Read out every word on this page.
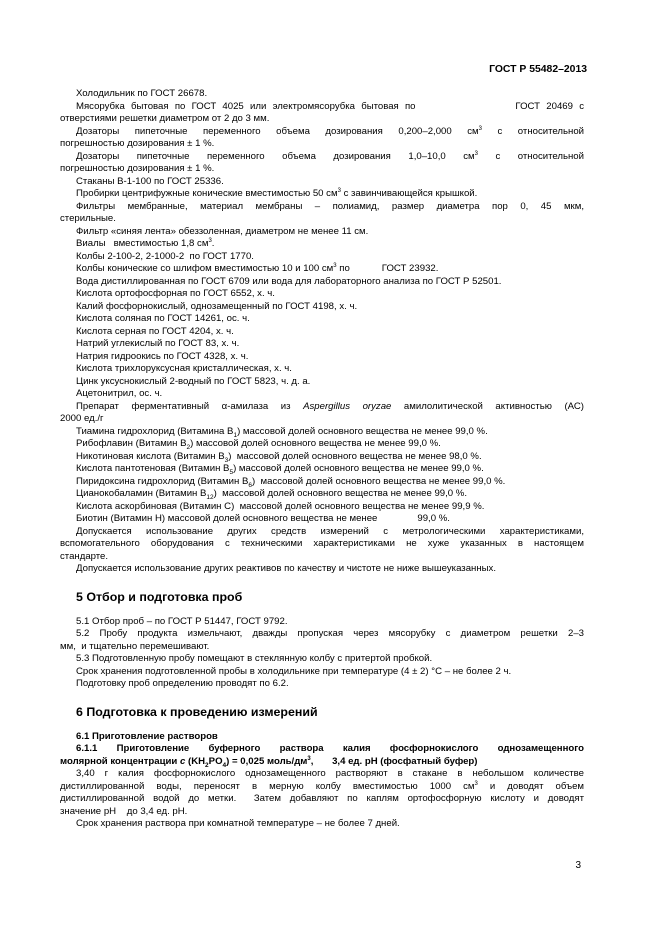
ГОСТ Р 55482–2013

Холодильник по ГОСТ 26678.

Мясорубка бытовая по ГОСТ 4025 или электромясорубка бытовая по                ГОСТ 20469 с

отверстиями решетки диаметром от 2 до 3 мм.

Дозаторы пипеточные переменного объема дозирования 0,200–2,000 $см^3$ с относительной

погрешностью дозирования ± 1 %.

Дозаторы пипеточные переменного объема дозирования 1,0–10,0 $см^3$ с относительной

погрешностью дозирования ± 1 %.

Стаканы В-1-100 по ГОСТ 25336.

Пробирки центрифужные конические вместимостью 50 $см^3$ с завинчивающейся крышкой.

Фильтры мембранные, материал мембраны – полиамид, размер диаметра пор 0, 45 мкм,

стерильные.

Фильтр «синяя лента» обеззоленная, диаметром не менее 11 см.

Виалы   вместимостью 1,8 $см^3$.

Колбы 2-100-2, 2-1000-2  по ГОСТ 1770.

Колбы конические со шлифом вместимостью 10 и 100 $см^3$ по            ГОСТ 23932.

Вода дистиллированная по ГОСТ 6709 или вода для лабораторного анализа по ГОСТ Р 52501.

Кислота ортофосфорная по ГОСТ 6552, х. ч.

Калий фосфорнокислый, однозамещенный по ГОСТ 4198, х. ч.

Кислота соляная по ГОСТ 14261, ос. ч.

Кислота серная по ГОСТ 4204, х. ч.

Натрий углекислый по ГОСТ 83, х. ч.

Натрия гидроокись по ГОСТ 4328, х. ч.

Кислота трихлоруксусная кристаллическая, х. ч.

Цинк уксуснокислый 2-водный по ГОСТ 5823, ч. д. а.

Ацетонитрил, ос. ч.

Препарат ферментативный α-амилаза из Aspergillus oryzae амилолитической активностью (АС)

2000 ед./г

Тиамина гидрохлорид (Витамина $В_1$) массовой долей основного вещества не менее 99,0 %.

Рибофлавин (Витамин $В_2$) массовой долей основного вещества не менее 99,0 %.

Никотиновая кислота (Витамин $В_3$)  массовой долей основного вещества не менее 98,0 %.

Кислота пантотеновая (Витамин $В_5$) массовой долей основного вещества не менее 99,0 %.

Пиридоксина гидрохлорид (Витамин $В_6$)  массовой долей основного вещества не менее 99,0 %.

Цианокобаламин (Витамин $В_{12}$)  массовой долей основного вещества не менее 99,0 %.

Кислота аскорбиновая (Витамин С)  массовой долей основного вещества не менее 99,9 %.

Биотин (Витамин Н) массовой долей основного вещества не менее               99,0 %.

Допускается использование других средств измерений с метрологическими характеристиками,

вспомогательного оборудования с техническими характеристиками не хуже указанных в настоящем

стандарте.

Допускается использование других реактивов по качеству и чистоте не ниже вышеуказанных.

5 Отбор и подготовка проб

5.1 Отбор проб – по ГОСТ Р 51447, ГОСТ 9792.

5.2 Пробу продукта измельчают, дважды пропуская через мясорубку с диаметром решетки 2–3

мм,  и тщательно перемешивают.

5.3 Подготовленную пробу помещают в стеклянную колбу с притертой пробкой.

Срок хранения подготовленной пробы в холодильнике при температуре (4 ± 2) °С – не более 2 ч.

Подготовку проб определению проводят по 6.2.

6 Подготовка к проведению измерений

6.1 Приготовление растворов

6.1.1 Приготовление буферного раствора калия фосфорнокислого однозамещенного

молярной концентрации с $(KH_2PO_4) = 0,025$ моль/$дм^3$,       3,4 ед. рН (фосфатный буфер)

3,40 г калия фосфорнокислого однозамещенного растворяют в стакане в небольшом количестве

дистиллированной воды, переносят в мерную колбу вместимостью 1000 $см^3$ и доводят объем

дистиллированной водой до метки.  Затем добавляют по каплям ортофосфорную кислоту и доводят

значение рН    до 3,4 ед. рН.

Срок хранения раствора при комнатной температуре – не более 7 дней.

3
